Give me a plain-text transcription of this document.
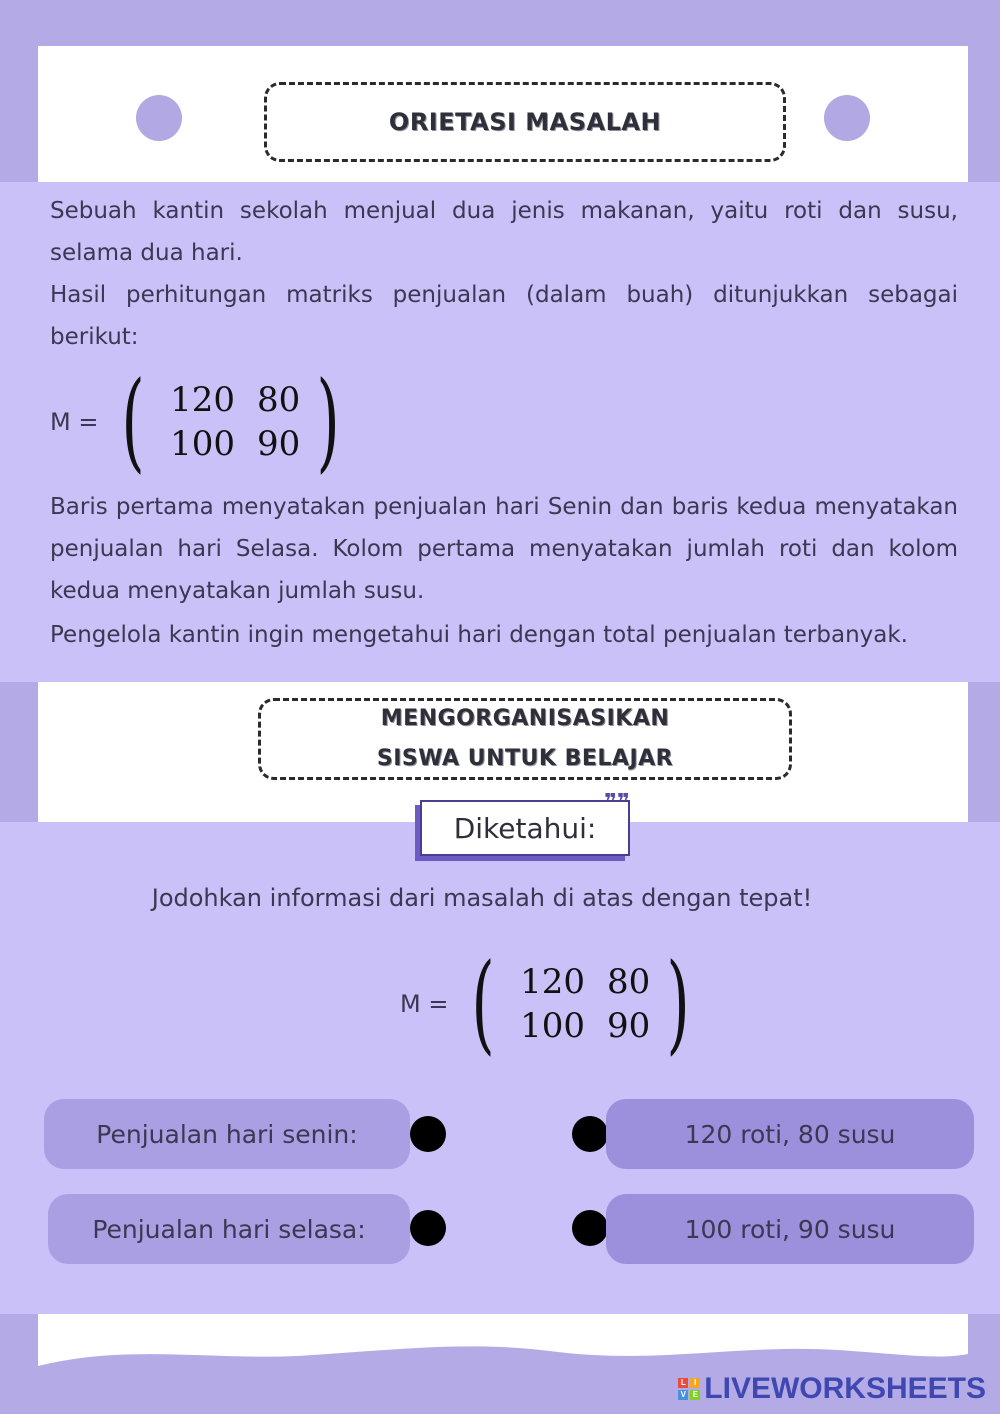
ORIETASI MASALAH

Sebuah kantin sekolah menjual dua jenis makanan, yaitu roti dan susu, selama dua hari.

Hasil perhitungan matriks penjualan (dalam buah) ditunjukkan sebagai berikut:

M = ( 120 80
100 90 )

Baris pertama menyatakan penjualan hari Senin dan baris kedua menyatakan penjualan hari Selasa. Kolom pertama menyatakan jumlah roti dan kolom kedua menyatakan jumlah susu.

Pengelola kantin ingin mengetahui hari dengan total penjualan terbanyak.

MENGORGANISASIKAN
SISWA UNTUK BELAJAR
Diketahui:
❞❞
Jodohkan informasi dari masalah di atas dengan tepat!
M = ( 120 80
100 90 )
Penjualan hari senin:	120 roti, 80 susu
Penjualan hari selasa:	100 roti, 90 susu
L	I
V E LIVEWORKSHEETS
